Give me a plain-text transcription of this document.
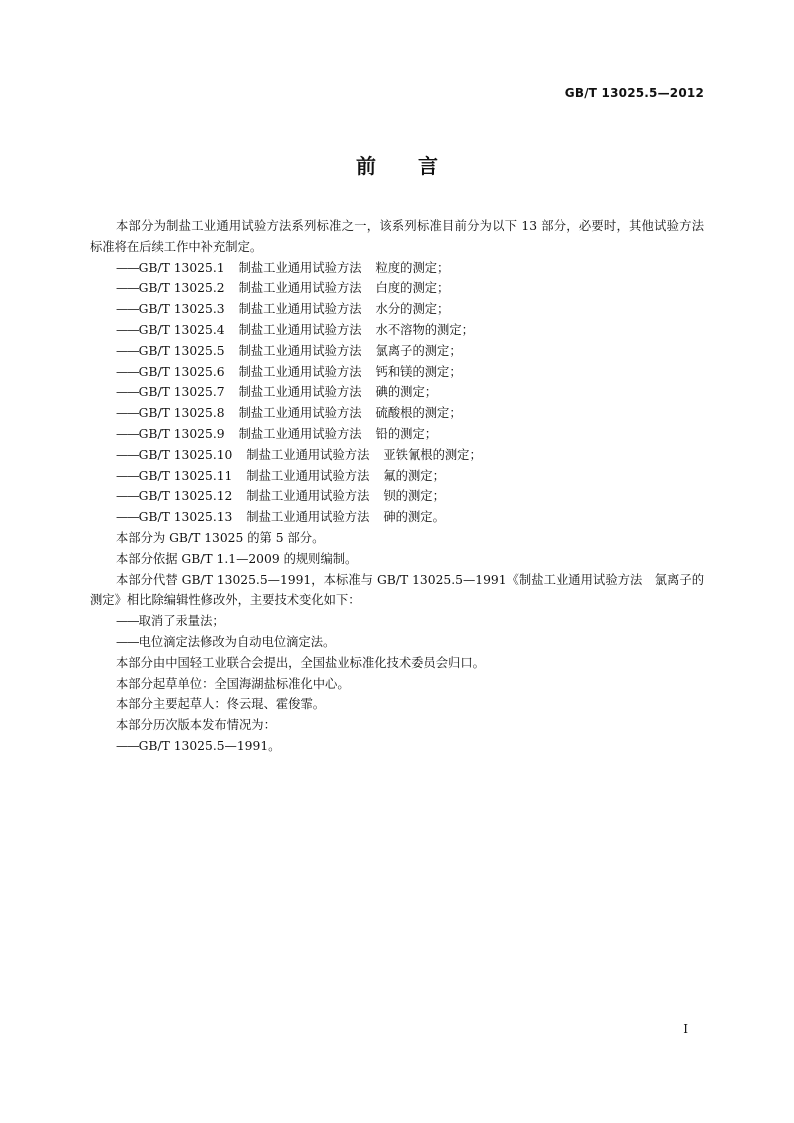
GB/T 13025.5—2012
前言
本部分为制盐工业通用试验方法系列标准之一，该系列标准目前分为以下 13 部分，必要时，其他试验方法标准将在后续工作中补充制定。
——GB/T 13025.1 制盐工业通用试验方法 粒度的测定；
——GB/T 13025.2 制盐工业通用试验方法 白度的测定；
——GB/T 13025.3 制盐工业通用试验方法 水分的测定；
——GB/T 13025.4 制盐工业通用试验方法 水不溶物的测定；
——GB/T 13025.5 制盐工业通用试验方法 氯离子的测定；
——GB/T 13025.6 制盐工业通用试验方法 钙和镁的测定；
——GB/T 13025.7 制盐工业通用试验方法 碘的测定；
——GB/T 13025.8 制盐工业通用试验方法 硫酸根的测定；
——GB/T 13025.9 制盐工业通用试验方法 铅的测定；
——GB/T 13025.10 制盐工业通用试验方法 亚铁氰根的测定；
——GB/T 13025.11 制盐工业通用试验方法 氟的测定；
——GB/T 13025.12 制盐工业通用试验方法 钡的测定；
——GB/T 13025.13 制盐工业通用试验方法 砷的测定。
本部分为 GB/T 13025 的第 5 部分。
本部分依据 GB/T 1.1—2009 的规则编制。
本部分代替 GB/T 13025.5—1991，本标准与 GB/T 13025.5—1991《制盐工业通用试验方法　氯离子的测定》相比除编辑性修改外，主要技术变化如下：
——取消了汞量法；
——电位滴定法修改为自动电位滴定法。
本部分由中国轻工业联合会提出，全国盐业标准化技术委员会归口。
本部分起草单位：全国海湖盐标准化中心。
本部分主要起草人：佟云琨、霍俊霏。
本部分历次版本发布情况为：
——GB/T 13025.5—1991。
I
